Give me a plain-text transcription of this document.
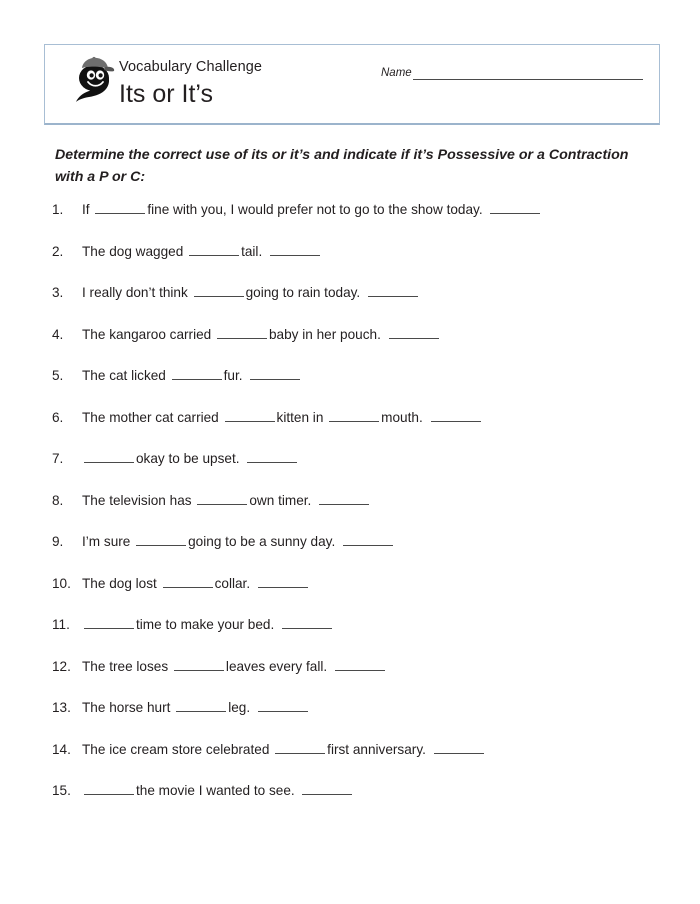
Vocabulary Challenge
Its or It’s
Name
Determine the correct use of its or it’s and indicate if it’s Possessive or a Contraction with a P or C:
1.	If	fine with you, I would prefer not to go to the show today.
2.	The dog wagged	tail.
3.	I really don’t think	going to rain today.
4.	The kangaroo carried	baby in her pouch.
5.	The cat licked	fur.
6.	The mother cat carried	kitten in	mouth.
7.	okay to be upset.
8.	The television has	own timer.
9.	I’m sure	going to be a sunny day.
10. The dog lost	collar.
11.	time to make your bed.
12. The tree loses	leaves every fall.
13. The horse hurt	leg.
14. The ice cream store celebrated	first anniversary.
15.	the movie I wanted to see.
